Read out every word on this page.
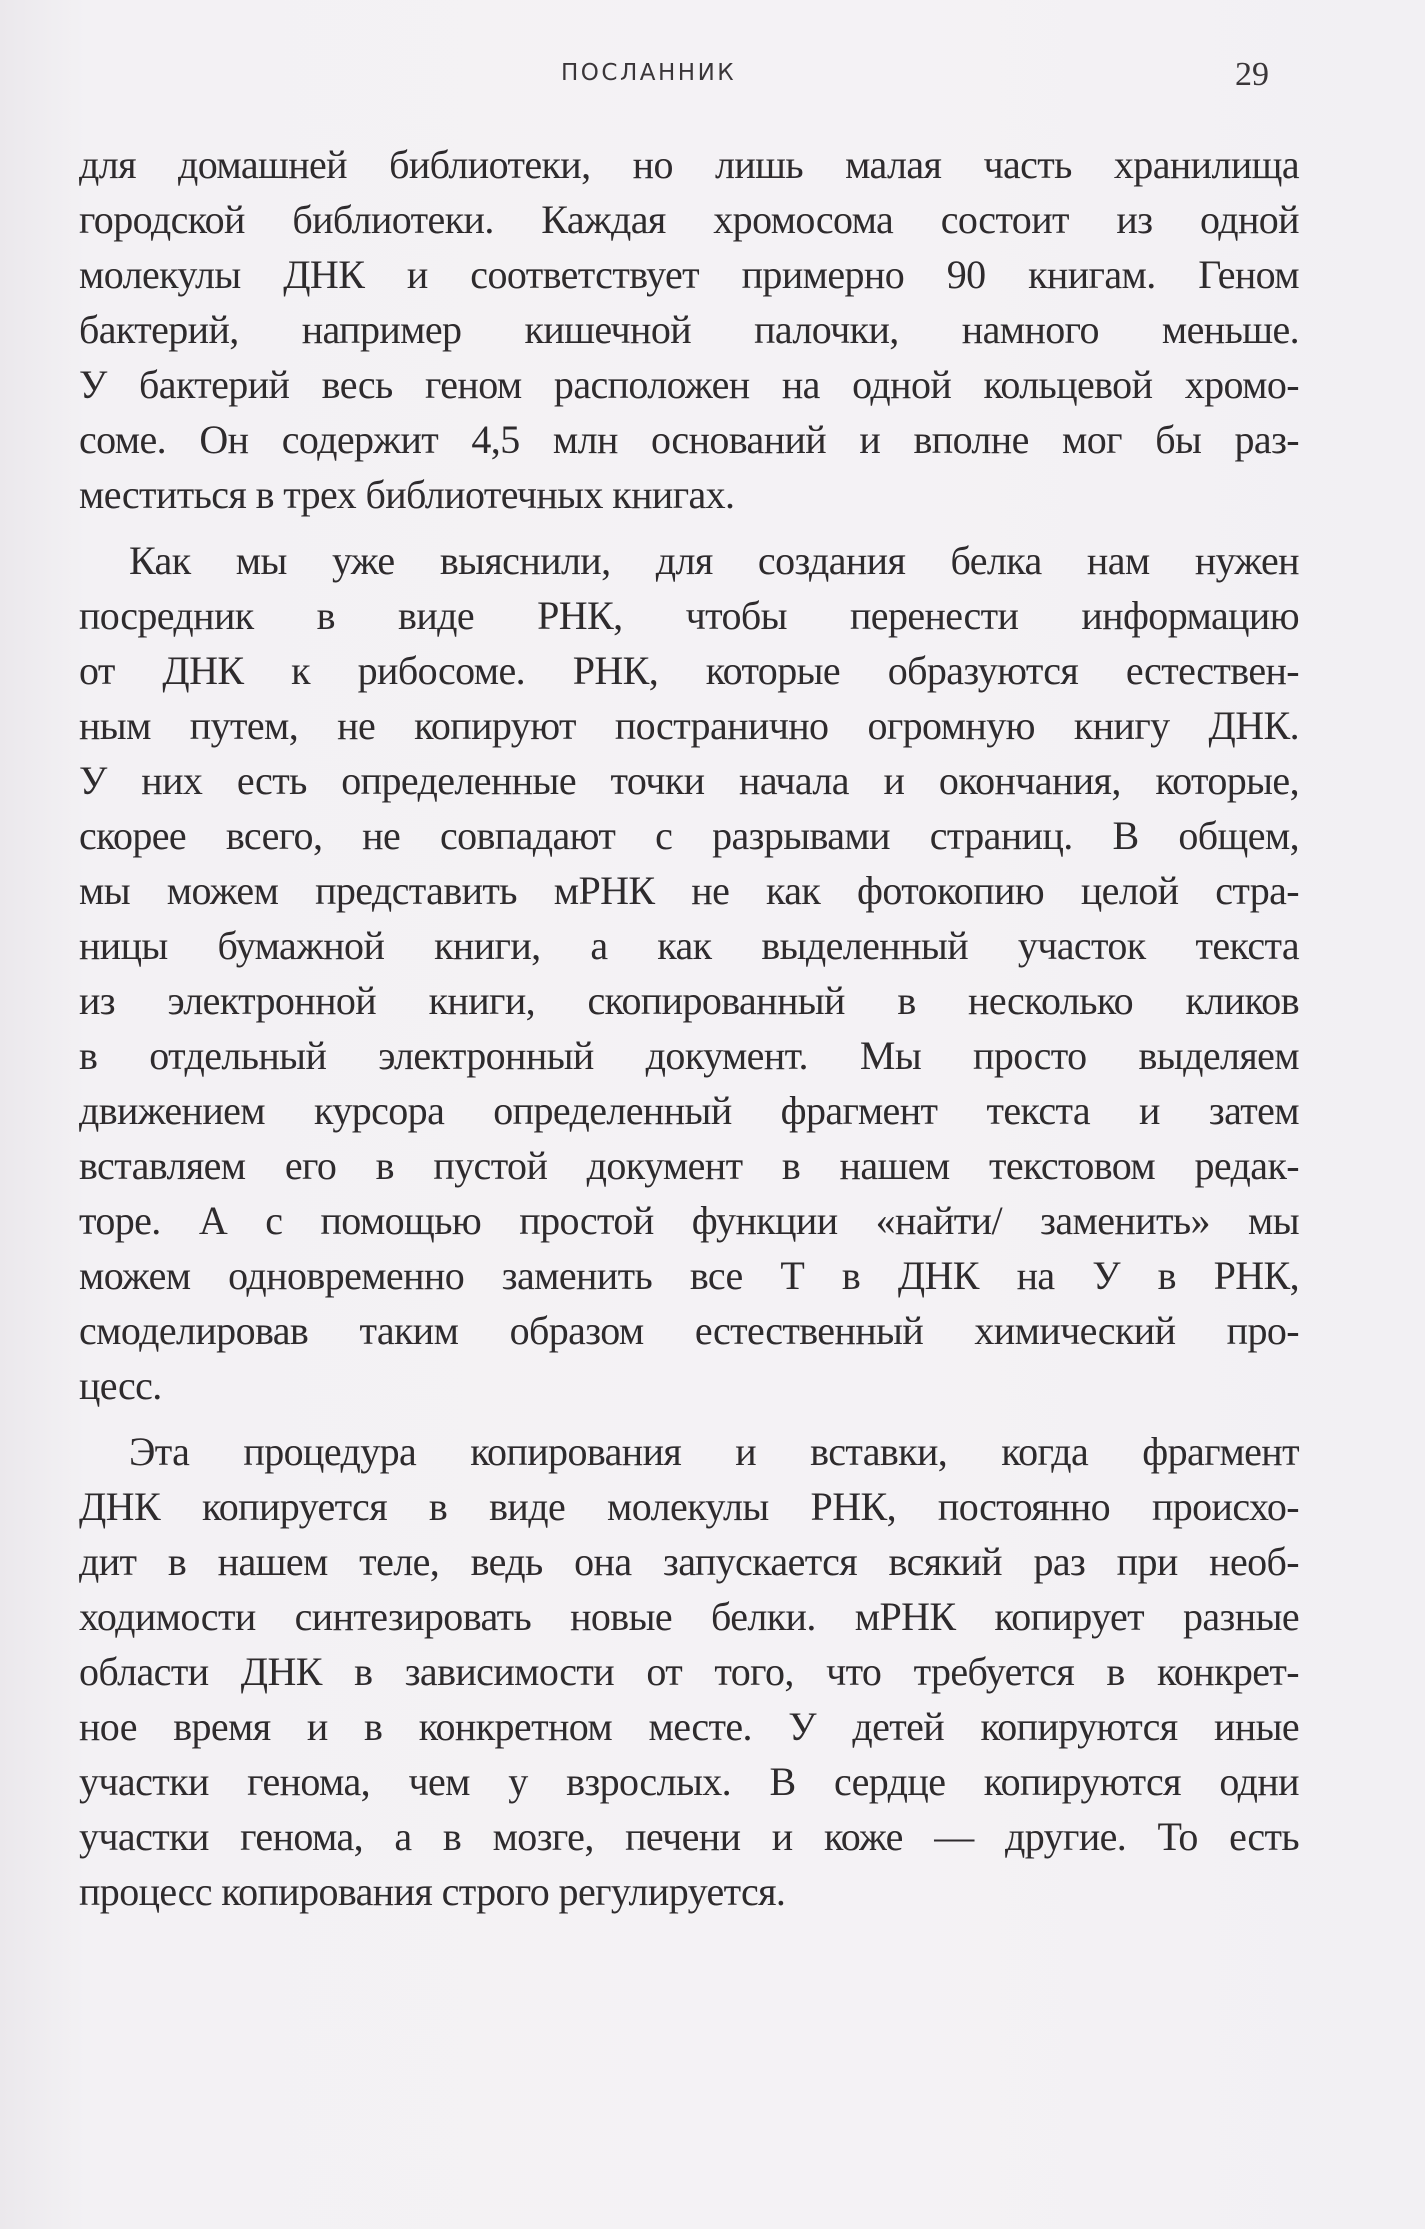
ПОСЛАННИК	29
для домашней библиотеки, но лишь малая часть хранилища
городской библиотеки. Каждая хромосома состоит из одной
молекулы ДНК и соответствует примерно 90 книгам. Геном
бактерий, например кишечной палочки, намного меньше.
У бактерий весь геном расположен на одной кольцевой хромо-
соме. Он содержит 4,5 млн оснований и вполне мог бы раз-
меститься в трех библиотечных книгах.
Как мы уже выяснили, для создания белка нам нужен
посредник в виде РНК, чтобы перенести информацию
от ДНК к рибосоме. РНК, которые образуются естествен-
ным путем, не копируют постранично огромную книгу ДНК.
У них есть определенные точки начала и окончания, которые,
скорее всего, не совпадают с разрывами страниц. В общем,
мы можем представить мРНК не как фотокопию целой стра-
ницы бумажной книги, а как выделенный участок текста
из электронной книги, скопированный в несколько кликов
в отдельный электронный документ. Мы просто выделяем
движением курсора определенный фрагмент текста и затем
вставляем его в пустой документ в нашем текстовом редак-
торе. А с помощью простой функции «найти/ заменить» мы
можем одновременно заменить все Т в ДНК на У в РНК,
смоделировав таким образом естественный химический про-
цесс.
Эта процедура копирования и вставки, когда фрагмент
ДНК копируется в виде молекулы РНК, постоянно происхо-
дит в нашем теле, ведь она запускается всякий раз при необ-
ходимости синтезировать новые белки. мРНК копирует разные
области ДНК в зависимости от того, что требуется в конкрет-
ное время и в конкретном месте. У детей копируются иные
участки генома, чем у взрослых. В сердце копируются одни
участки генома, а в мозге, печени и коже — другие. То есть
процесс копирования строго регулируется.
